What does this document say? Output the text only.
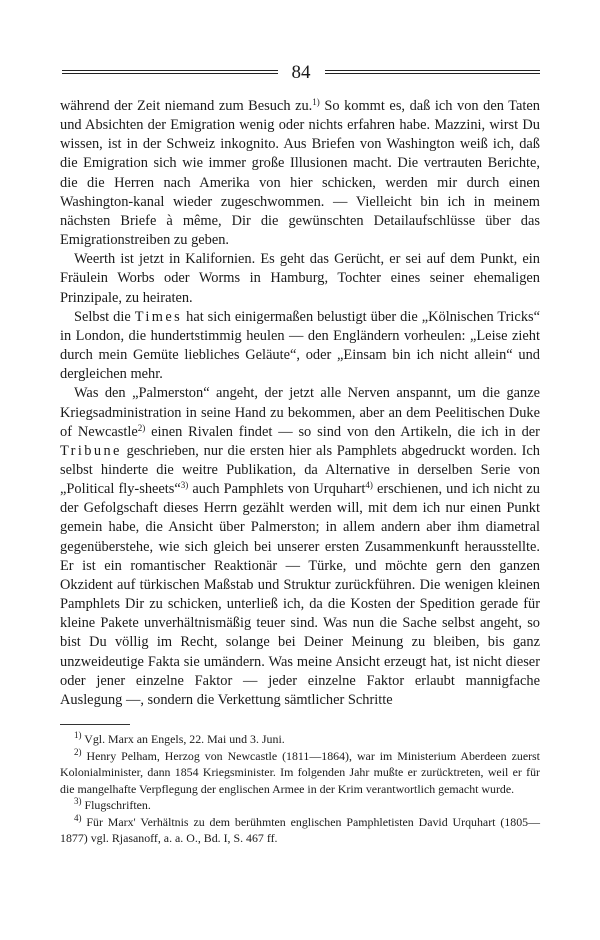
84

während der Zeit niemand zum Besuch zu.$^{1)}$ So kommt es, daß ich von den Taten und Absichten der Emigration wenig oder nichts erfahren habe. Mazzini, wirst Du wissen, ist in der Schweiz inkognito. Aus Briefen von Washington weiß ich, daß die Emigration sich wie immer große Illusionen macht. Die vertrauten Berichte, die die Herren nach Amerika von hier schicken, werden mir durch einen Washington-kanal wieder zugeschwommen. — Vielleicht bin ich in meinem nächsten Briefe à même, Dir die gewünschten Detailaufschlüsse über das Emigrationstreiben zu geben.

Weerth ist jetzt in Kalifornien. Es geht das Gerücht, er sei auf dem Punkt, ein Fräulein Worbs oder Worms in Hamburg, Tochter eines seiner ehemaligen Prinzipale, zu heiraten.

Selbst die Times hat sich einigermaßen belustigt über die „Kölnischen Tricks“ in London, die hundertstimmig heulen — den Engländern vorheulen: „Leise zieht durch mein Gemüte liebliches Geläute“, oder „Einsam bin ich nicht allein“ und dergleichen mehr.

Was den „Palmerston“ angeht, der jetzt alle Nerven anspannt, um die ganze Kriegsadministration in seine Hand zu bekommen, aber an dem Peelitischen Duke of Newcastle$^{2)}$ einen Rivalen findet — so sind von den Artikeln, die ich in der Tribune geschrieben, nur die ersten hier als Pamphlets abgedruckt worden. Ich selbst hinderte die weitre Publikation, da Alternative in derselben Serie von „Political fly-sheets“$^{3)}$ auch Pamphlets von Urquhart$^{4)}$ erschienen, und ich nicht zu der Gefolgschaft dieses Herrn gezählt werden will, mit dem ich nur einen Punkt gemein habe, die Ansicht über Palmerston; in allem andern aber ihm diametral gegenüberstehe, wie sich gleich bei unserer ersten Zusammenkunft herausstellte. Er ist ein romantischer Reaktionär — Türke, und möchte gern den ganzen Okzident auf türkischen Maßstab und Struktur zurückführen. Die wenigen kleinen Pamphlets Dir zu schicken, unterließ ich, da die Kosten der Spedition gerade für kleine Pakete unverhältnismäßig teuer sind. Was nun die Sache selbst angeht, so bist Du völlig im Recht, solange bei Deiner Meinung zu bleiben, bis ganz unzweideutige Fakta sie umändern. Was meine Ansicht erzeugt hat, ist nicht dieser oder jener einzelne Faktor — jeder einzelne Faktor erlaubt mannigfache Auslegung —, sondern die Verkettung sämtlicher Schritte

$^{1)}$ Vgl. Marx an Engels, 22. Mai und 3. Juni.

$^{2)}$ Henry Pelham, Herzog von Newcastle (1811—1864), war im Ministerium Aberdeen zuerst Kolonialminister, dann 1854 Kriegsminister. Im folgenden Jahr mußte er zurücktreten, weil er für die mangelhafte Verpflegung der englischen Armee in der Krim verantwortlich gemacht wurde.

$^{3)}$ Flugschriften.

$^{4)}$ Für Marx' Verhältnis zu dem berühmten englischen Pamphletisten David Urquhart (1805—1877) vgl. Rjasanoff, a. a. O., Bd. I, S. 467 ff.
